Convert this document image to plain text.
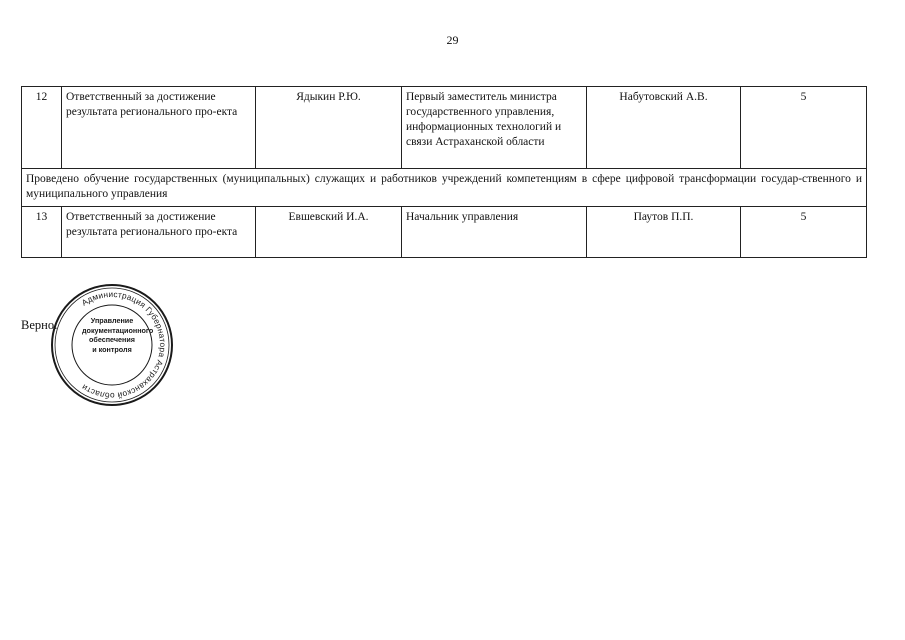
29
12	Ответственный за достижение результата регионального про-екта	Ядыкин Р.Ю.	Первый заместитель министра государственного управления, информационных технологий и связи Астраханской области	Набутовский А.В.	5
Проведено обучение государственных (муниципальных) служащих и работников учреждений компетенциям в сфере цифровой трансформации государ-ственного и муниципального управления					
13	Ответственный за достижение результата регионального про-екта	Евшевский И.А.	Начальник управления	Паутов П.П.	5
Верно:
Администрация Губернатора Астраханской области
Управление
документационного
обеспечения
и контроля
